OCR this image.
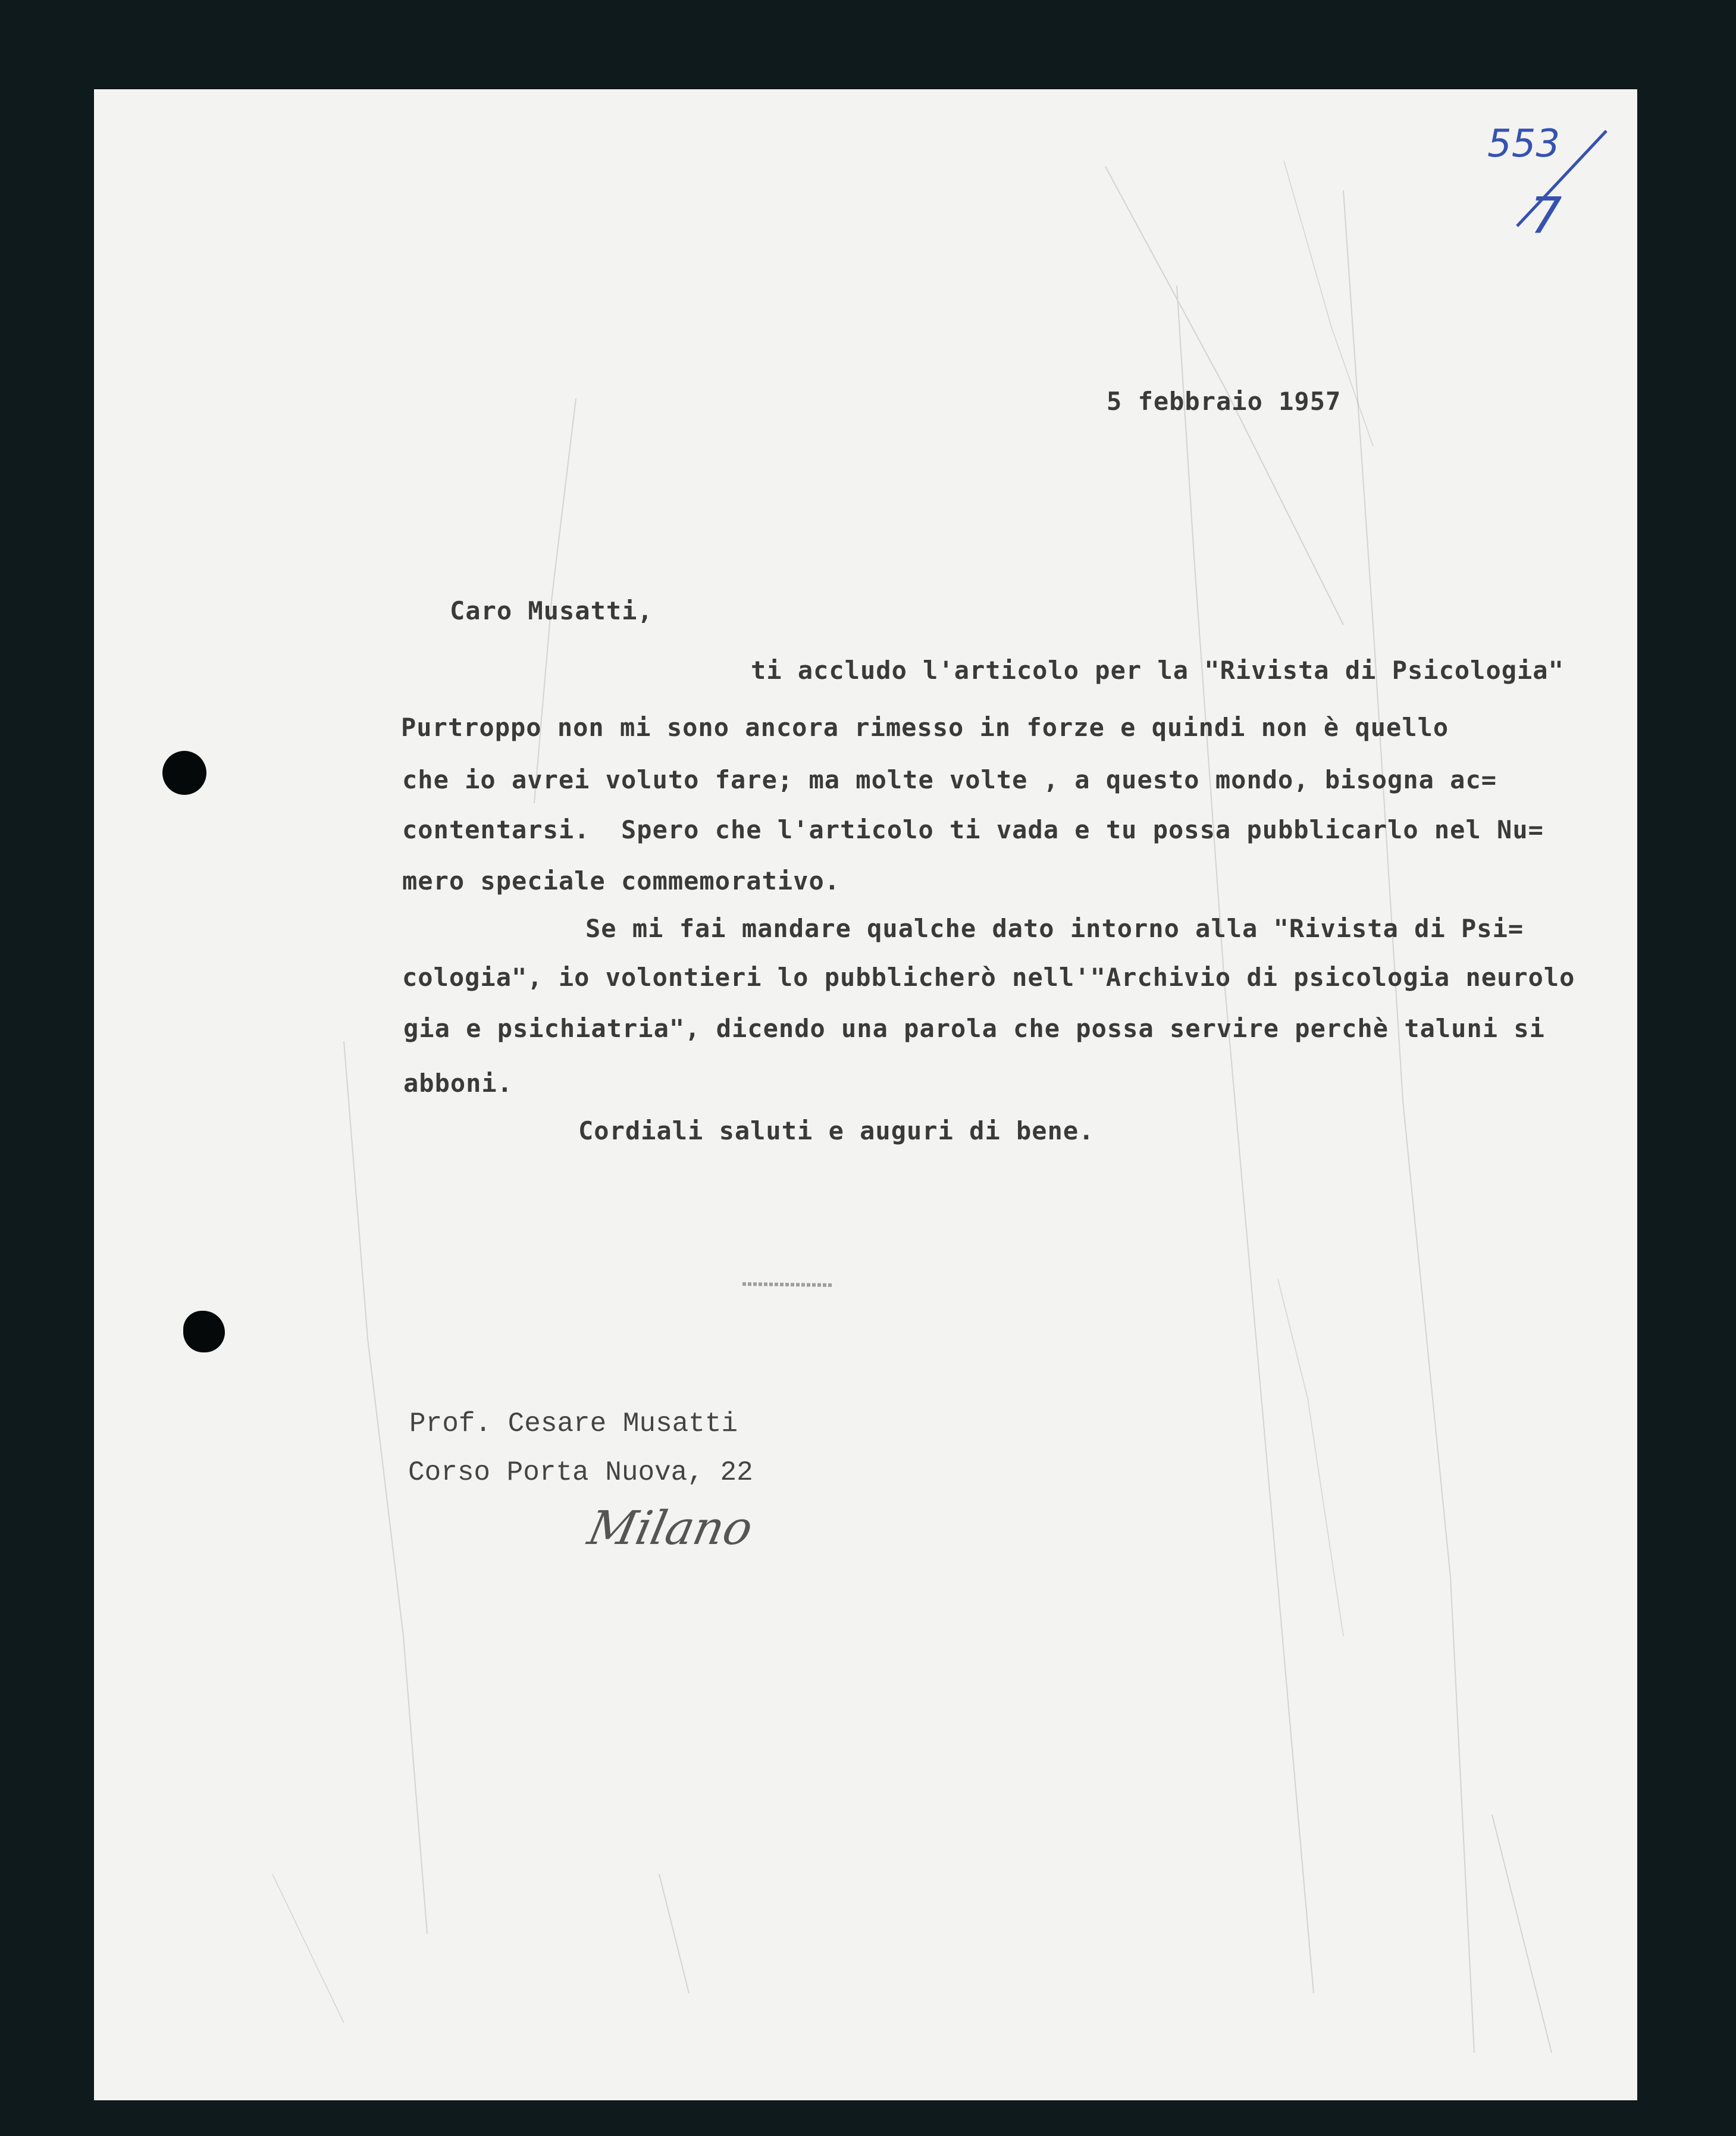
553
7
5 febbraio 1957
Caro Musatti,
ti accludo l'articolo per la "Rivista di Psicologia"
Purtroppo non mi sono ancora rimesso in forze e quindi non è quello
che io avrei voluto fare; ma molte volte , a questo mondo, bisogna ac=
contentarsi.  Spero che l'articolo ti vada e tu possa pubblicarlo nel Nu=
mero speciale commemorativo.
Se mi fai mandare qualche dato intorno alla "Rivista di Psi=
cologia", io volontieri lo pubblicherò nell'"Archivio di psicologia neurolo
gia e psichiatria", dicendo una parola che possa servire perchè taluni si
abboni.
Cordiali saluti e auguri di bene.
Prof. Cesare Musatti
Corso Porta Nuova, 22
Milano
